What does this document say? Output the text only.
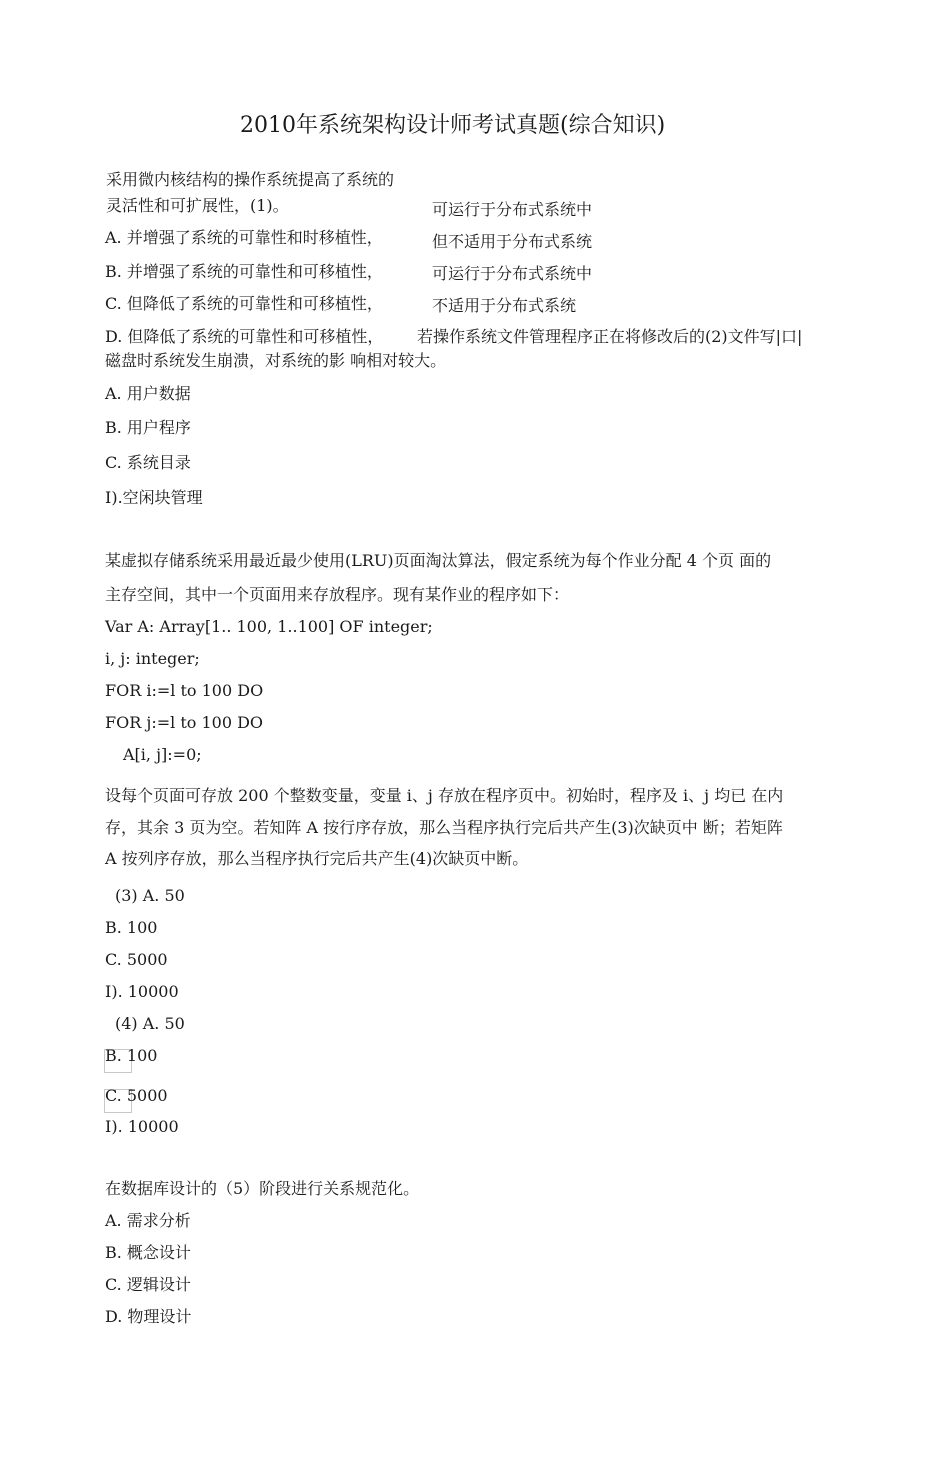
2010年系统架构设计师考试真题(综合知识)
采用微内核结构的操作系统提高了系统的
灵活性和可扩展性，(1)。
A. 并增强了系统的可靠性和时移植性，
B. 并增强了系统的可靠性和可移植性，
C. 但降低了系统的可靠性和可移植性，
D. 但降低了系统的可靠性和可移植性，
可运行于分布式系统中
但不适用于分布式系统
可运行于分布式系统中
不适用于分布式系统
若操作系统文件管理程序正在将修改后的(2)文件写|口|
磁盘时系统发生崩溃，对系统的影 响相对较大。
A. 用户数据
B. 用户程序
C. 系统目录
I).空闲块管理
某虚拟存储系统采用最近最少使用(LRU)页面淘汰算法，假定系统为每个作业分配 4 个页 面的
主存空间，其中一个页面用来存放程序。现有某作业的程序如下：
Var A: Array[1.. 100, 1..100] OF integer;
i, j: integer;
FOR i:=l to 100 DO
FOR j:=l to 100 DO
A[i, j]:=0;
设每个页面可存放 200 个整数变量，变量 i、j 存放在程序页中。初始时，程序及 i、j 均已 在内
存，其余 3 页为空。若知阵 A 按行序存放，那么当程序执行完后共产生(3)次缺页中 断；若矩阵
A 按列序存放，那么当程序执行完后共产生(4)次缺页中断。
(3) A. 50
B. 100
C. 5000
I). 10000
(4) A. 50
B. 100
C. 5000
I). 10000
在数据库设计的（5）阶段进行关系规范化。
A. 需求分析
B. 概念设计
C. 逻辑设计
D. 物理设计
